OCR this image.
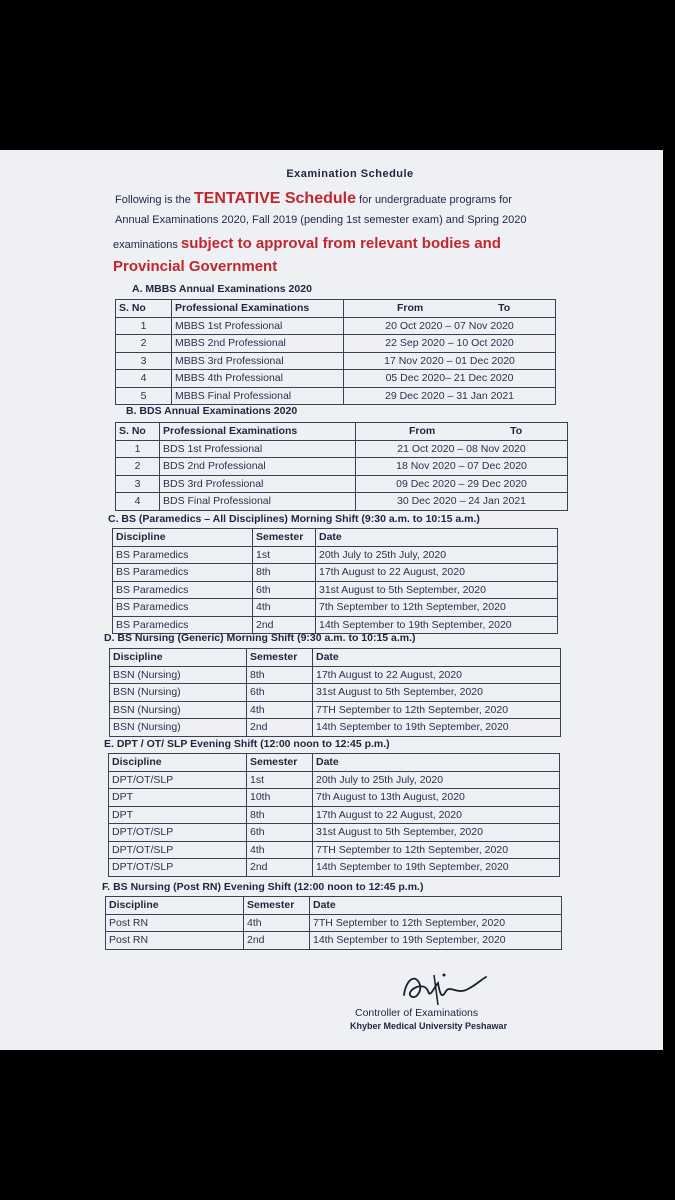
Examination Schedule
Following is the TENTATIVE Schedule for undergraduate programs for
Annual Examinations 2020, Fall 2019 (pending 1st semester exam) and Spring 2020
examinations subject to approval from relevant bodies and
Provincial Government
A. MBBS Annual Examinations 2020
S. No	Professional Examinations	From To
1	MBBS 1st Professional	20 Oct 2020 – 07 Nov 2020
2	MBBS 2nd Professional	22 Sep 2020 – 10 Oct 2020
3	MBBS 3rd Professional	17 Nov 2020 – 01 Dec 2020
4	MBBS 4th Professional	05 Dec 2020– 21 Dec 2020
5	MBBS Final Professional	29 Dec 2020 – 31 Jan 2021
B. BDS Annual Examinations 2020
S. No	Professional Examinations	From To
1	BDS 1st Professional	21 Oct 2020 – 08 Nov 2020
2	BDS 2nd Professional	18 Nov 2020 – 07 Dec 2020
3	BDS 3rd Professional	09 Dec 2020 – 29 Dec 2020
4	BDS Final Professional	30 Dec 2020 – 24 Jan 2021
C. BS (Paramedics – All Disciplines) Morning Shift (9:30 a.m. to 10:15 a.m.)
Discipline	Semester	Date
BS Paramedics	1st	20th July to 25th July, 2020
BS Paramedics	8th	17th August to 22 August, 2020
BS Paramedics	6th	31st August to 5th September, 2020
BS Paramedics	4th	7th September to 12th September, 2020
BS Paramedics	2nd	14th September to 19th September, 2020
D. BS Nursing (Generic) Morning Shift (9:30 a.m. to 10:15 a.m.)
Discipline	Semester	Date
BSN (Nursing)	8th	17th August to 22 August, 2020
BSN (Nursing)	6th	31st August to 5th September, 2020
BSN (Nursing)	4th	7TH September to 12th September, 2020
BSN (Nursing)	2nd	14th September to 19th September, 2020
E. DPT / OT/ SLP Evening Shift (12:00 noon to 12:45 p.m.)
Discipline	Semester	Date
DPT/OT/SLP	1st	20th July to 25th July, 2020
DPT	10th	7th August to 13th August, 2020
DPT	8th	17th August to 22 August, 2020
DPT/OT/SLP	6th	31st August to 5th September, 2020
DPT/OT/SLP	4th	7TH September to 12th September, 2020
DPT/OT/SLP	2nd	14th September to 19th September, 2020
F. BS Nursing (Post RN) Evening Shift (12:00 noon to 12:45 p.m.)
Discipline	Semester	Date
Post RN	4th	7TH September to 12th September, 2020
Post RN	2nd	14th September to 19th September, 2020
Controller of Examinations
Khyber Medical University Peshawar
